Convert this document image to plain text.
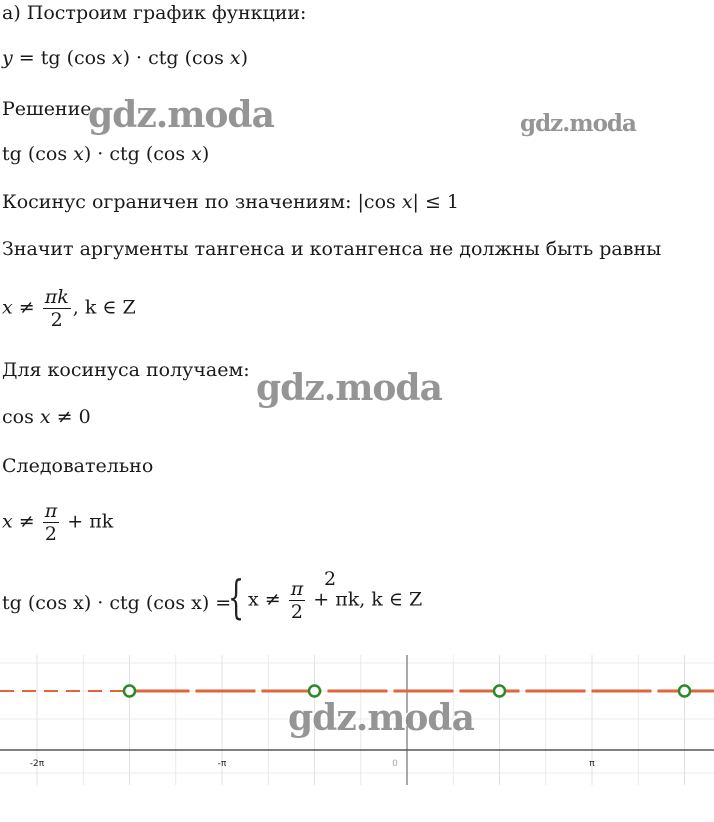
а) Построим график функции:
y = tg (cos x) · ctg (cos x)
Решение
tg (cos x) · ctg (cos x)
Косинус ограничен по значениям: |cos x| ≤ 1
Значит аргументы тангенса и котангенса не должны быть равны
$x \ne \frac{\pi k}{2}$ , k ∈ Z
Для косинуса получаем:
cos x ≠ 0
Следовательно
$x \ne \frac{\pi}{2} + \pi k$
tg (cos x) · ctg (cos x) =
{	2
$x \ne \frac{\pi}{2} + \pi k$, k ∈ Z
-2π	-π	0	π
gdz.moda	gdz.moda
gdz.moda
gdz.moda
